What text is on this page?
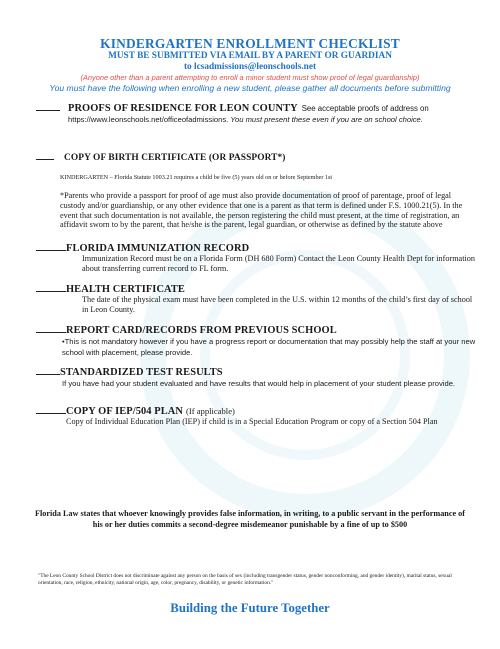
KINDERGARTEN ENROLLMENT CHECKLIST
MUST BE SUBMITTED VIA EMAIL BY A PARENT OR GUARDIAN
to lcsadmissions@leonschools.net
(Anyone other than a parent attempting to enroll a minor student must show proof of legal guardianship)
You must have the following when enrolling a new student, please gather all documents before submitting
PROOFS OF RESIDENCE FOR LEON COUNTY See acceptable proofs of address on
https://www.leonschools.net/officeofadmissions. You must present these even if you are on school choice.
COPY OF BIRTH CERTIFICATE (OR PASSPORT*)
KINDERGARTEN – Florida Statute 1003.21 requires a child be five (5) years old on or before September 1st
*Parents who provide a passport for proof of age must also provide documentation of proof of parentage, proof of legal custody and/or guardianship, or any other evidence that one is a parent as that term is defined under F.S. 1000.21(5). In the event that such documentation is not available, the person registering the child must present, at the time of registration, an affidavit sworn to by the parent, that he/she is the parent, legal guardian, or otherwise as defined by the statute above
FLORIDA IMMUNIZATION RECORD
Immunization Record must be on a Florida Form (DH 680 Form) Contact the Leon County Health Dept for information about transferring current record to FL form.
HEALTH CERTIFICATE
The date of the physical exam must have been completed in the U.S. within 12 months of the child’s first day of school in Leon County.
REPORT CARD/RECORDS FROM PREVIOUS SCHOOL
•This is not mandatory however if you have a progress report or documentation that may possibly help the staff at your new school with placement, please provide.
STANDARDIZED TEST RESULTS
If you have had your student evaluated and have results that would help in placement of your student please provide.
COPY OF IEP/504 PLAN (If applicable)
Copy of Individual Education Plan (IEP) if child is in a Special Education Program or copy of a Section 504 Plan
Florida Law states that whoever knowingly provides false information, in writing, to a public servant in the performance of his or her duties commits a second-degree misdemeanor punishable by a fine of up to $500
"The Leon County School District does not discriminate against any person on the basis of sex (including transgender status, gender nonconforming, and gender identity), marital status, sexual orientation, race, religion, ethnicity, national origin, age, color, pregnancy, disability, or genetic information."
Building the Future Together
